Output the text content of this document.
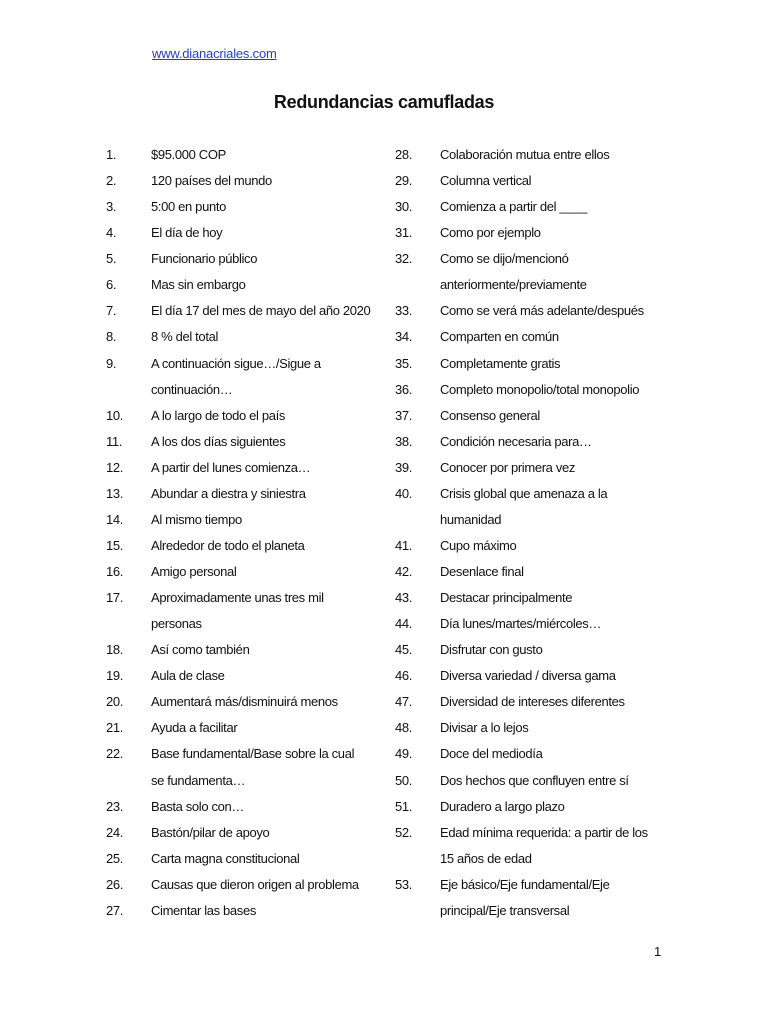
www.dianacriales.com
Redundancias camufladas
1.	$95.000 COP
2.	120 países del mundo
3.	5:00 en punto
4.	El día de hoy
5.	Funcionario público
6.	Mas sin embargo
7.	El día 17 del mes de mayo del año 2020
8.	8 % del total
9.	A continuación sigue…/Sigue a
continuación…
10.	A lo largo de todo el país
11.	A los dos días siguientes
12.	A partir del lunes comienza…
13.	Abundar a diestra y siniestra
14.	Al mismo tiempo
15.	Alrededor de todo el planeta
16.	Amigo personal
17.	Aproximadamente unas tres mil
personas
18.	Así como también
19.	Aula de clase
20.	Aumentará más/disminuirá menos
21.	Ayuda a facilitar
22.	Base fundamental/Base sobre la cual
se fundamenta…
23.	Basta solo con…
24.	Bastón/pilar de apoyo
25.	Carta magna constitucional
26.	Causas que dieron origen al problema
27.	Cimentar las bases
28.	Colaboración mutua entre ellos
29.	Columna vertical
30.	Comienza a partir del ____
31.	Como por ejemplo
32.	Como se dijo/mencionó
anteriormente/previamente
33.	Como se verá más adelante/después
34.	Comparten en común
35.	Completamente gratis
36.	Completo monopolio/total monopolio
37.	Consenso general
38.	Condición necesaria para…
39.	Conocer por primera vez
40.	Crisis global que amenaza a la
humanidad
41.	Cupo máximo
42.	Desenlace final
43.	Destacar principalmente
44.	Día lunes/martes/miércoles…
45.	Disfrutar con gusto
46.	Diversa variedad / diversa gama
47.	Diversidad de intereses diferentes
48.	Divisar a lo lejos
49.	Doce del mediodía
50.	Dos hechos que confluyen entre sí
51.	Duradero a largo plazo
52.	Edad mínima requerida: a partir de los
15 años de edad
53.	Eje básico/Eje fundamental/Eje
principal/Eje transversal
1
